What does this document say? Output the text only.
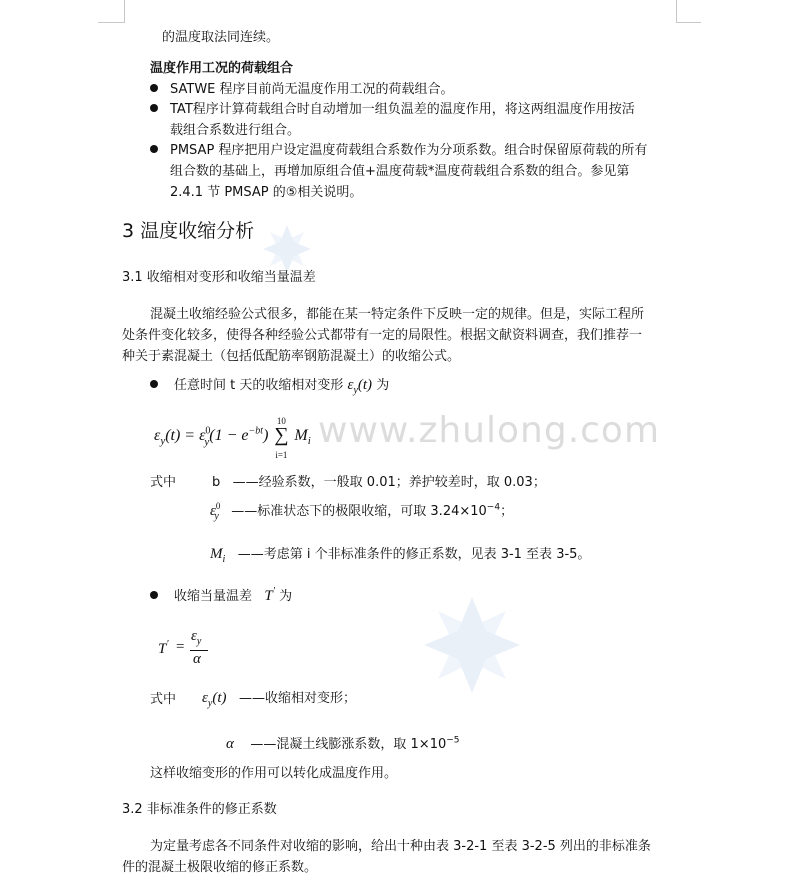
www.zhulong.com
的温度取法同连续。
温度作用工况的荷载组合
SATWE 程序目前尚无温度作用工况的荷载组合。
TAT程序计算荷载组合时自动增加一组负温差的温度作用，将这两组温度作用按活
载组合系数进行组合。
PMSAP 程序把用户设定温度荷载组合系数作为分项系数。组合时保留原荷载的所有
组合数的基础上，再增加原组合值+温度荷载*温度荷载组合系数的组合。参见第
2.4.1 节 PMSAP 的⑤相关说明。
3 温度收缩分析
3.1 收缩相对变形和收缩当量温差
混凝土收缩经验公式很多，都能在某一特定条件下反映一定的规律。但是，实际工程所
处条件变化较多，使得各种经验公式都带有一定的局限性。根据文献资料调查，我们推荐一
种关于素混凝土（包括低配筋率钢筋混凝土）的收缩公式。
任意时间 t 天的收缩相对变形 $\varepsilon_y(t)$ 为
$\varepsilon_y(t) = \varepsilon^0_y(1 - e^{-bt})$
10
∑
i=1
$M_i$
式中	b ——经验系数，一般取 0.01；养护较差时，取 0.03；
$\varepsilon^0_y$ ——标准状态下的极限收缩，可取 $3.24\times 10^{-4}$；
$M_i$ ——考虑第 i 个非标准条件的修正系数，见表 3-1 至表 3-5。
收缩当量温差 T′ 为
T′ =
$\varepsilon_y$
α
式中 $\varepsilon_y(t)$ ——收缩相对变形；
α ——混凝土线膨涨系数，取 $1\times 10^{-5}$
这样收缩变形的作用可以转化成温度作用。
3.2 非标准条件的修正系数
为定量考虑各不同条件对收缩的影响，给出十种由表 3-2-1 至表 3-2-5 列出的非标准条
件的混凝土极限收缩的修正系数。
